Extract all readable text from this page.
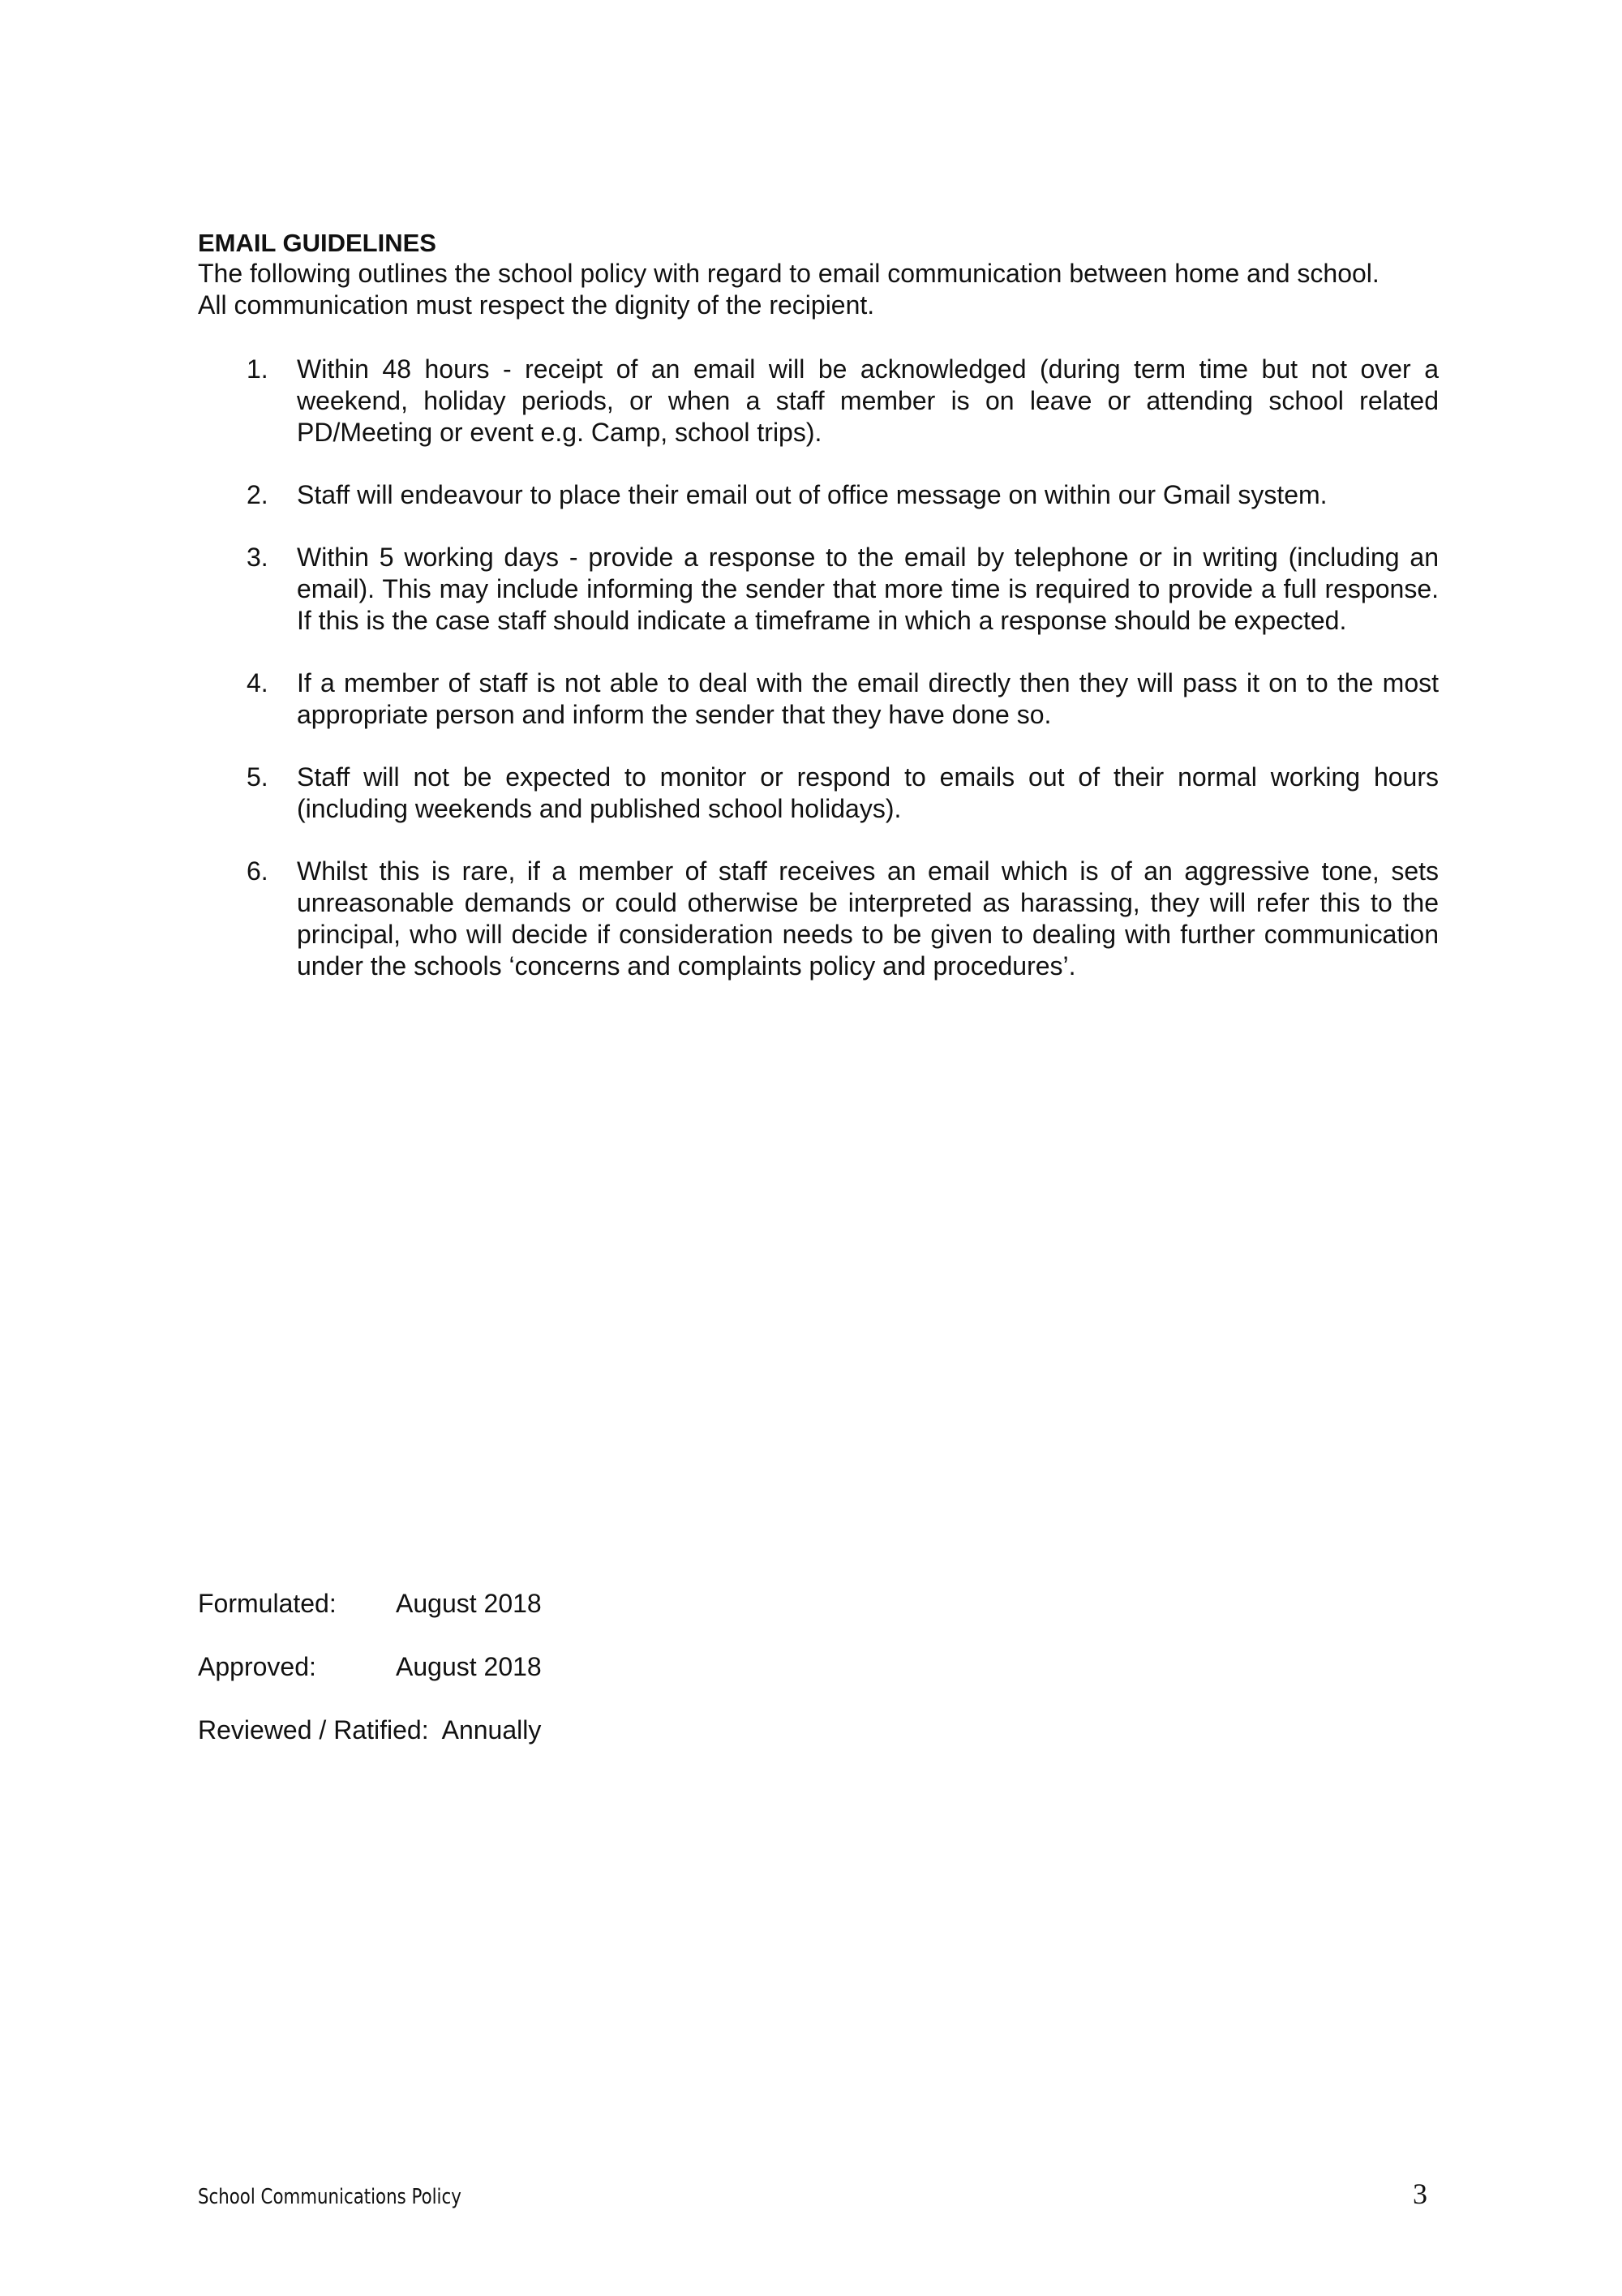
EMAIL GUIDELINES

The following outlines the school policy with regard to email communication between home and school.

All communication must respect the dignity of the recipient.

1. Within 48 hours - receipt of an email will be acknowledged (during term time but not over a weekend, holiday periods, or when a staff member is on leave or attending school related PD/Meeting or event e.g. Camp, school trips).
2. Staff will endeavour to place their email out of office message on within our Gmail system.
3. Within 5 working days - provide a response to the email by telephone or in writing (including an email). This may include informing the sender that more time is required to provide a full response. If this is the case staff should indicate a timeframe in which a response should be expected.
4. If a member of staff is not able to deal with the email directly then they will pass it on to the most appropriate person and inform the sender that they have done so.
5. Staff will not be expected to monitor or respond to emails out of their normal working hours (including weekends and published school holidays).
6. Whilst this is rare, if a member of staff receives an email which is of an aggressive tone, sets unreasonable demands or could otherwise be interpreted as harassing, they will refer this to the principal, who will decide if consideration needs to be given to dealing with further communication under the schools ‘concerns and complaints policy and procedures’.
Formulated: August 2018
Approved:	August 2018
Reviewed / Ratified: Annually
School Communications Policy	3
